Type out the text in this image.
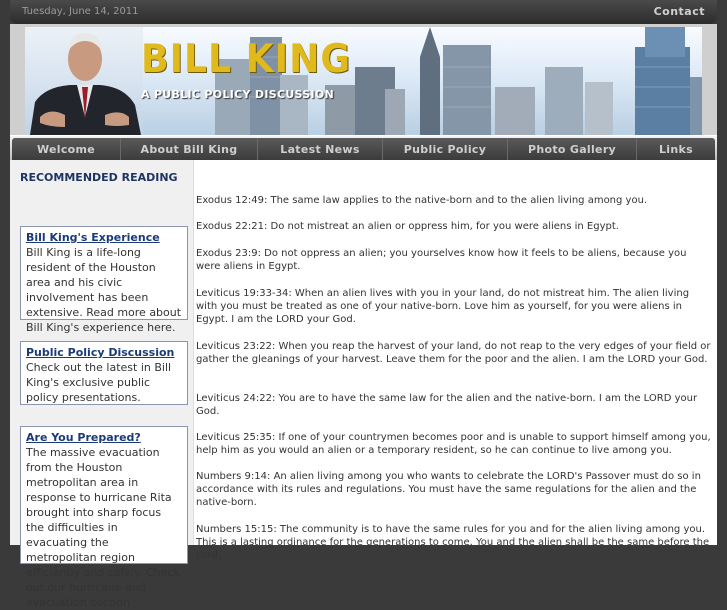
Tuesday, June 14, 2011	Contact
BILL KING
A PUBLIC POLICY DISCUSSION
Welcome	About Bill King	Latest News	Public Policy	Photo Gallery	Links
RECOMMENDED READING
Bill King's Experience
Bill King is a life-long resident of the Houston area and his civic involvement has been extensive. Read more about Bill King's experience here.
Public Policy Discussion
Check out the latest in Bill King's exclusive public policy presentations.
Are You Prepared?
The massive evacuation from the Houston metropolitan area in response to hurricane Rita brought into sharp focus the difficulties in evacuating the metropolitan region efficiently and safely. Check out our hurricane and evacuation section
Exodus 12:49: The same law applies to the native-born and to the alien living among you.
Exodus 22:21: Do not mistreat an alien or oppress him, for you were aliens in Egypt.
Exodus 23:9: Do not oppress an alien; you yourselves know how it feels to be aliens, because you were aliens in Egypt.
Leviticus 19:33-34: When an alien lives with you in your land, do not mistreat him. The alien living with you must be treated as one of your native-born. Love him as yourself, for you were aliens in Egypt. I am the LORD your God.
Leviticus 23:22: When you reap the harvest of your land, do not reap to the very edges of your field or gather the gleanings of your harvest. Leave them for the poor and the alien. I am the LORD your God.
Leviticus 24:22: You are to have the same law for the alien and the native-born. I am the LORD your God.
Leviticus 25:35: If one of your countrymen becomes poor and is unable to support himself among you, help him as you would an alien or a temporary resident, so he can continue to live among you.
Numbers 9:14: An alien living among you who wants to celebrate the LORD's Passover must do so in accordance with its rules and regulations. You must have the same regulations for the alien and the native-born.
Numbers 15:15: The community is to have the same rules for you and for the alien living among you. This is a lasting ordinance for the generations to come. You and the alien shall be the same before the Lord.
